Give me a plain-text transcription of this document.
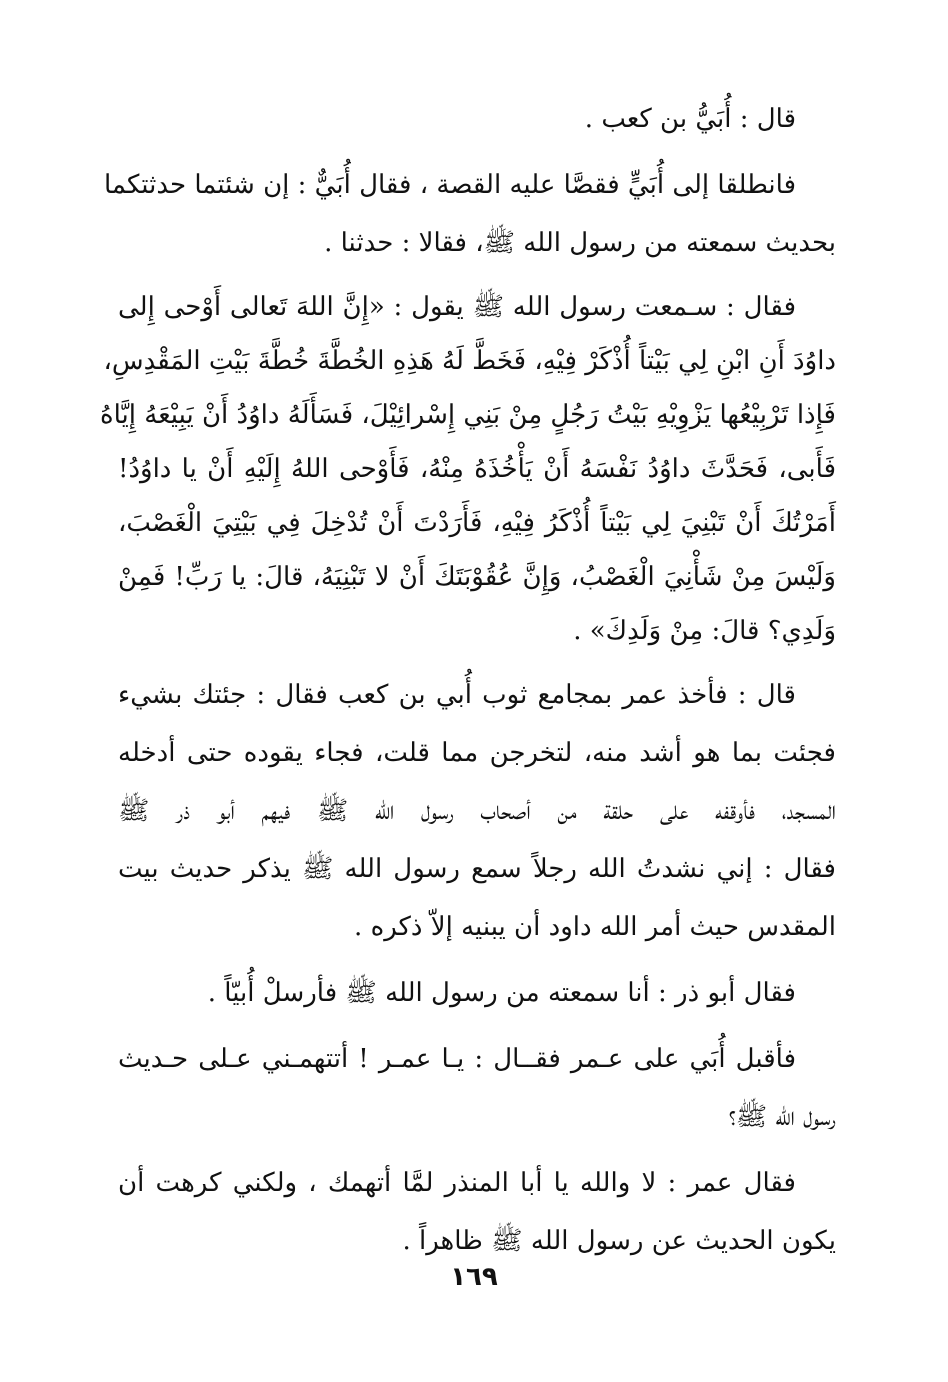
قال : أُبَيُّ بن كعب .
فانطلقا إلى أُبَيٍّ فقصَّا عليه القصة ، فقال أُبَيٌّ : إن شئتما حدثتكما
بحديث سمعته من رسول الله ﷺ، فقالا : حدثنا .
فقال : سـمعت رسول الله ﷺ يقول : «إِنَّ اللهَ تَعالى أَوْحى إِلى
داوُدَ أَنِ ابْنِ لِي بَيْتاً أُذْكَرْ فِيْهِ، فَخَطَّ لَهُ هَذِهِ الخُطَّةَ خُطَّةَ بَيْتِ المَقْدِسِ،
فَإِذا تَرْبِيْعُها يَزْوِيْهِ بَيْتُ رَجُلٍ مِنْ بَنِي إِسْرائِيْلَ، فَسَأَلَهُ داوُدُ أَنْ يَبِيْعَهُ إِيَّاهُ
فَأَبى، فَحَدَّثَ داوُدُ نَفْسَهُ أَنْ يَأْخُذَهُ مِنْهُ، فَأَوْحى اللهُ إِلَيْهِ أَنْ يا داوُدُ!
أَمَرْتُكَ أَنْ تَبْنِيَ لِي بَيْتاً أُذْكَرُ فِيْهِ، فَأَرَدْتَ أَنْ تُدْخِلَ فِي بَيْتِيَ الْغَصْبَ،
وَلَيْسَ مِنْ شَأْنِيَ الْغَصْبُ، وَإِنَّ عُقُوْبَتَكَ أَنْ لا تَبْنِيَهُ، قالَ: يا رَبِّ! فَمِنْ
وَلَدِي؟ قالَ: مِنْ وَلَدِكَ» .
قال : فأخذ عمر بمجامع ثوب أُبي بن كعب فقال : جئتك بشيء
فجئت بما هو أشد منه، لتخرجن مما قلت، فجاء يقوده حتى أدخله
المسجد، فأوقفه على حلقة من أصحاب رسول الله ﷺ فيهم أبو ذر ﷺ
فقال : إني نشدتُ الله رجلاً سمع رسول الله ﷺ يذكر حديث بيت
المقدس حيث أمر الله داود أن يبنيه إلاّ ذكره .
فقال أبو ذر : أنا سمعته من رسول الله ﷺ فأرسلْ أُبيّاً .
فأقبل أُبَي على عـمر فقــال : يـا عمـر ! أتتهمـني عـلى حـديث
رسول الله ﷺ؟
فقال عمر : لا والله يا أبا المنذر لمَّا أتهمك ، ولكني كرهت أن
يكون الحديث عن رسول الله ﷺ ظاهراً .
١٦٩
